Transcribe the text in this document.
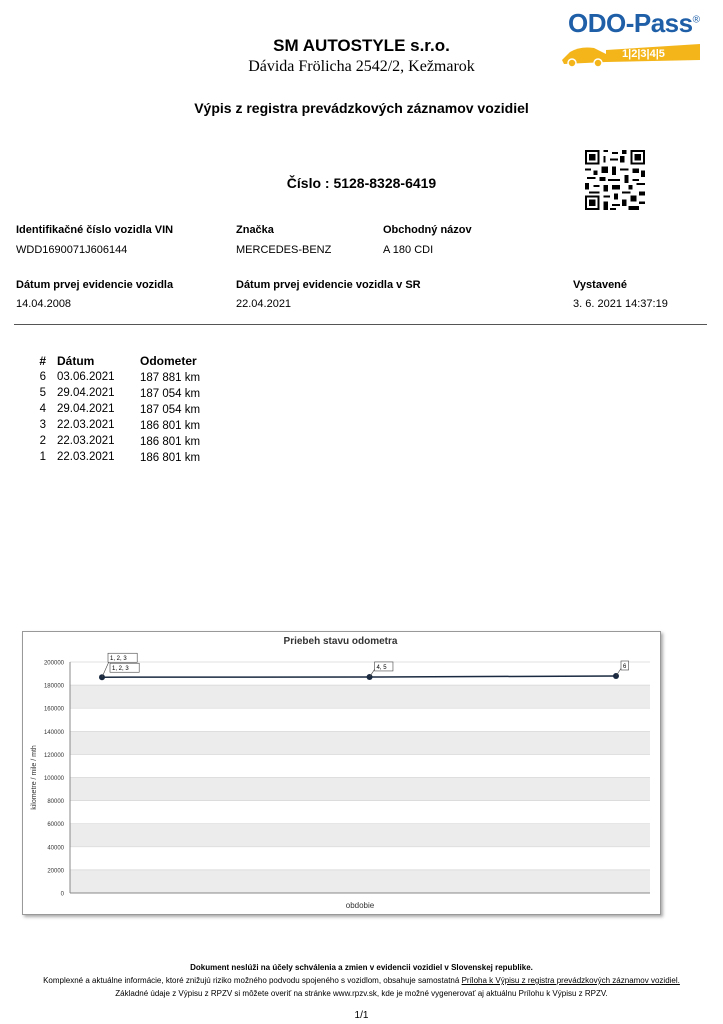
SM AUTOSTYLE s.r.o.
Dávida Frölicha 2542/2, Kežmarok
ODO-Pass®
1|2|3|4|5
Výpis z registra prevádzkových záznamov vozidiel
Číslo : 5128-8328-6419
Identifikačné číslo vozidla VIN
WDD1690071J606144
Značka
MERCEDES-BENZ
Obchodný názov
A 180 CDI
Dátum prvej evidencie vozidla
14.04.2008
Dátum prvej evidencie vozidla v SR
22.04.2021
Vystavené
3. 6. 2021 14:37:19
# Dátum	Odometer
6 03.06.2021 187 881 km
5 29.04.2021 187 054 km
4 29.04.2021 187 054 km
3 22.03.2021 186 801 km
2 22.03.2021 186 801 km
1 22.03.2021 186 801 km
Priebeh stavu odometra
0
20000
40000
60000
80000
100000
120000
140000
160000
180000
200000
kilometre / mile / mth
obdobie
1, 2, 3
1, 2, 3	4, 5	6
Dokument neslúži na účely schválenia a zmien v evidencii vozidiel v Slovenskej republike.
Komplexné a aktuálne informácie, ktoré znižujú riziko možného podvodu spojeného s vozidlom, obsahuje samostatná Príloha k Výpisu z registra prevádzkových záznamov vozidiel.
Základné údaje z Výpisu z RPZV si môžete overiť na stránke www.rpzv.sk, kde je možné vygenerovať aj aktuálnu Prílohu k Výpisu z RPZV.
1/1
